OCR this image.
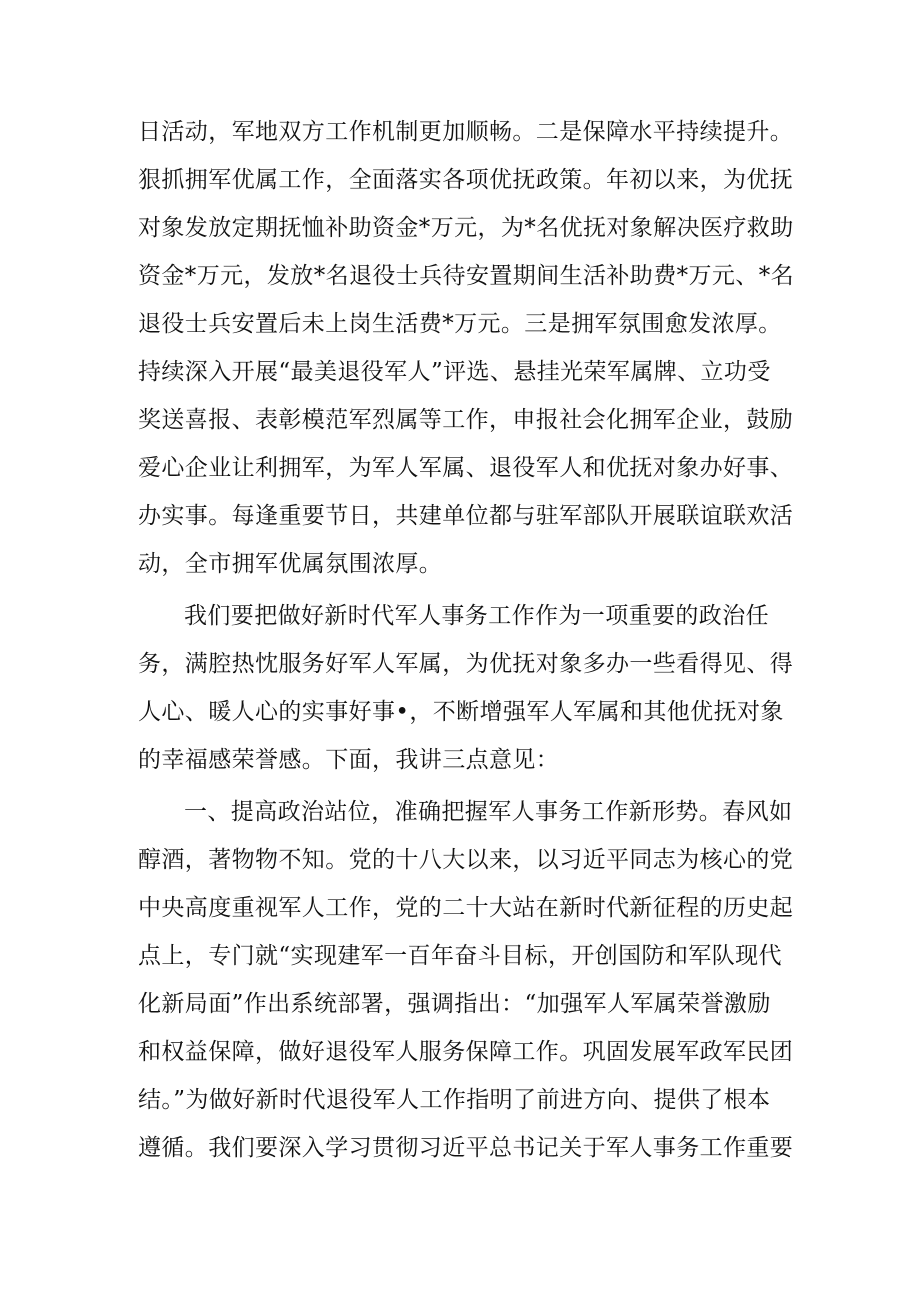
日活动，军地双方工作机制更加顺畅。二是保障水平持续提升。
狠抓拥军优属工作，全面落实各项优抚政策。年初以来，为优抚
对象发放定期抚恤补助资金*万元，为*名优抚对象解决医疗救助
资金*万元，发放*名退役士兵待安置期间生活补助费*万元、*名
退役士兵安置后未上岗生活费*万元。三是拥军氛围愈发浓厚。
持续深入开展“最美退役军人”评选、悬挂光荣军属牌、立功受
奖送喜报、表彰模范军烈属等工作，申报社会化拥军企业，鼓励
爱心企业让利拥军，为军人军属、退役军人和优抚对象办好事、
办实事。每逢重要节日，共建单位都与驻军部队开展联谊联欢活
动，全市拥军优属氛围浓厚。
我们要把做好新时代军人事务工作作为一项重要的政治任
务，满腔热忱服务好军人军属，为优抚对象多办一些看得见、得
人心、暖人心的实事好事•，不断增强军人军属和其他优抚对象
的幸福感荣誉感。下面，我讲三点意见：
一、提高政治站位，准确把握军人事务工作新形势。春风如
醇酒，著物物不知。党的十八大以来，以习近平同志为核心的党
中央高度重视军人工作，党的二十大站在新时代新征程的历史起
点上，专门就“实现建军一百年奋斗目标，开创国防和军队现代
化新局面”作出系统部署，强调指出：“加强军人军属荣誉激励
和权益保障，做好退役军人服务保障工作。巩固发展军政军民团
结。”为做好新时代退役军人工作指明了前进方向、提供了根本
遵循。我们要深入学习贯彻习近平总书记关于军人事务工作重要
